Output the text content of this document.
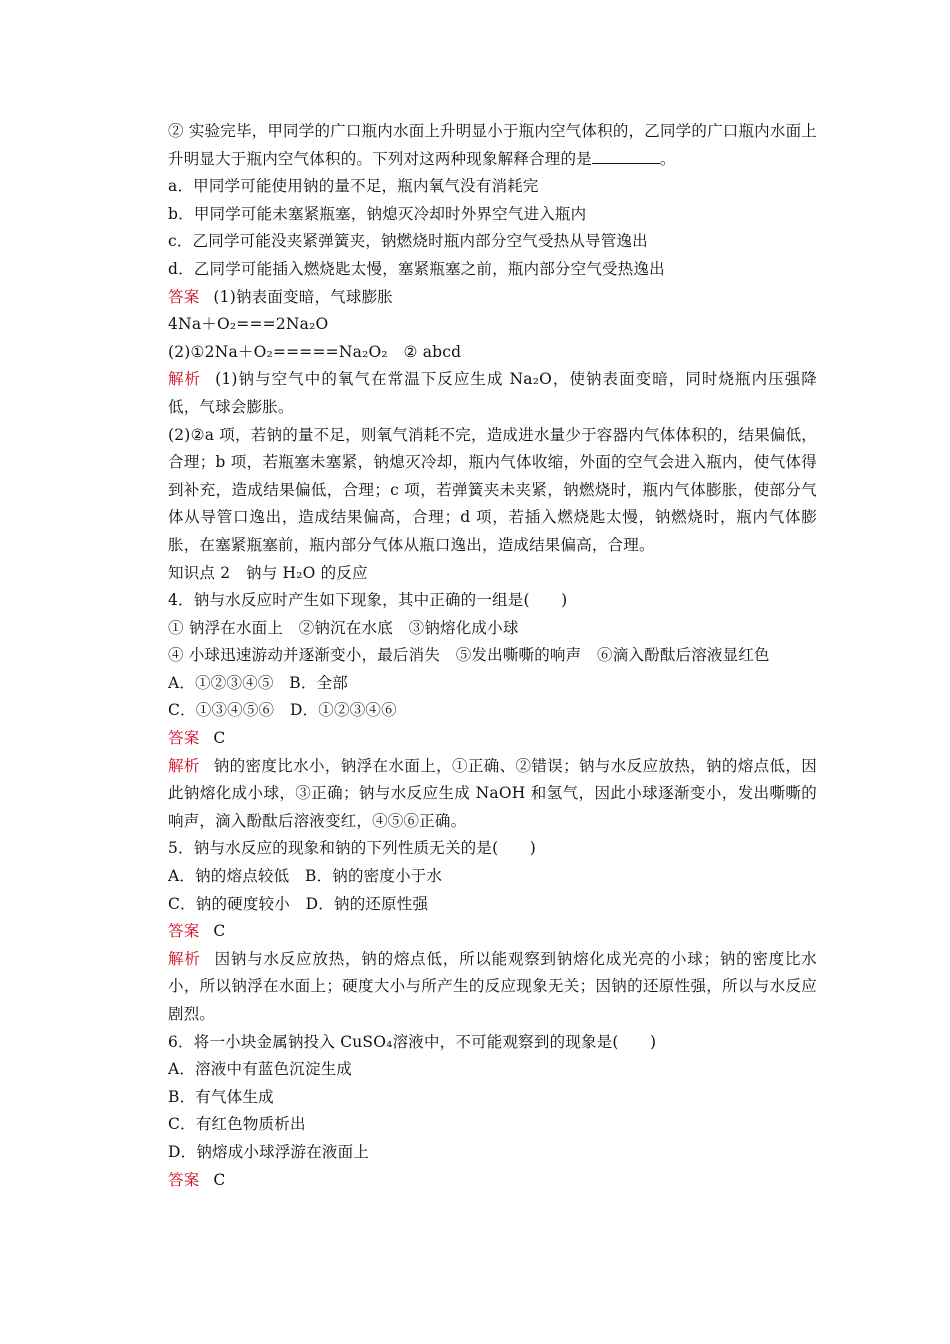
② 实验完毕，甲同学的广口瓶内水面上升明显小于瓶内空气体积的，乙同学的广口瓶内水面上升明显大于瓶内空气体积的。下列对这两种现象解释合理的是	。
a．甲同学可能使用钠的量不足，瓶内氧气没有消耗完
b．甲同学可能未塞紧瓶塞，钠熄灭冷却时外界空气进入瓶内
c．乙同学可能没夹紧弹簧夹，钠燃烧时瓶内部分空气受热从导管逸出
d．乙同学可能插入燃烧匙太慢，塞紧瓶塞之前，瓶内部分空气受热逸出
答案 (1)钠表面变暗，气球膨胀
4Na＋O₂===2Na₂O
(2)①2Na＋O₂=====Na₂O₂　② abcd
解析 (1)钠与空气中的氧气在常温下反应生成 Na₂O，使钠表面变暗，同时烧瓶内压强降低，气球会膨胀。
(2)②a 项，若钠的量不足，则氧气消耗不完，造成进水量少于容器内气体体积的，结果偏低，合理；b 项，若瓶塞未塞紧，钠熄灭冷却，瓶内气体收缩，外面的空气会进入瓶内，使气体得到补充，造成结果偏低，合理；c 项，若弹簧夹未夹紧，钠燃烧时，瓶内气体膨胀，使部分气体从导管口逸出，造成结果偏高，合理；d 项，若插入燃烧匙太慢，钠燃烧时，瓶内气体膨胀，在塞紧瓶塞前，瓶内部分气体从瓶口逸出，造成结果偏高，合理。
知识点 2　钠与 H₂O 的反应
4．钠与水反应时产生如下现象，其中正确的一组是(　　)
① 钠浮在水面上　②钠沉在水底　③钠熔化成小球
④ 小球迅速游动并逐渐变小，最后消失　⑤发出嘶嘶的响声　⑥滴入酚酞后溶液显红色
A．①②③④⑤　B．全部
C．①③④⑤⑥　D．①②③④⑥
答案 C
解析 钠的密度比水小，钠浮在水面上，①正确、②错误；钠与水反应放热，钠的熔点低，因此钠熔化成小球，③正确；钠与水反应生成 NaOH 和氢气，因此小球逐渐变小，发出嘶嘶的响声，滴入酚酞后溶液变红，④⑤⑥正确。
5．钠与水反应的现象和钠的下列性质无关的是(　　)
A．钠的熔点较低　B．钠的密度小于水
C．钠的硬度较小　D．钠的还原性强
答案 C
解析 因钠与水反应放热，钠的熔点低，所以能观察到钠熔化成光亮的小球；钠的密度比水小，所以钠浮在水面上；硬度大小与所产生的反应现象无关；因钠的还原性强，所以与水反应剧烈。
6．将一小块金属钠投入 CuSO₄溶液中，不可能观察到的现象是(　　)
A．溶液中有蓝色沉淀生成
B．有气体生成
C．有红色物质析出
D．钠熔成小球浮游在液面上
答案 C
